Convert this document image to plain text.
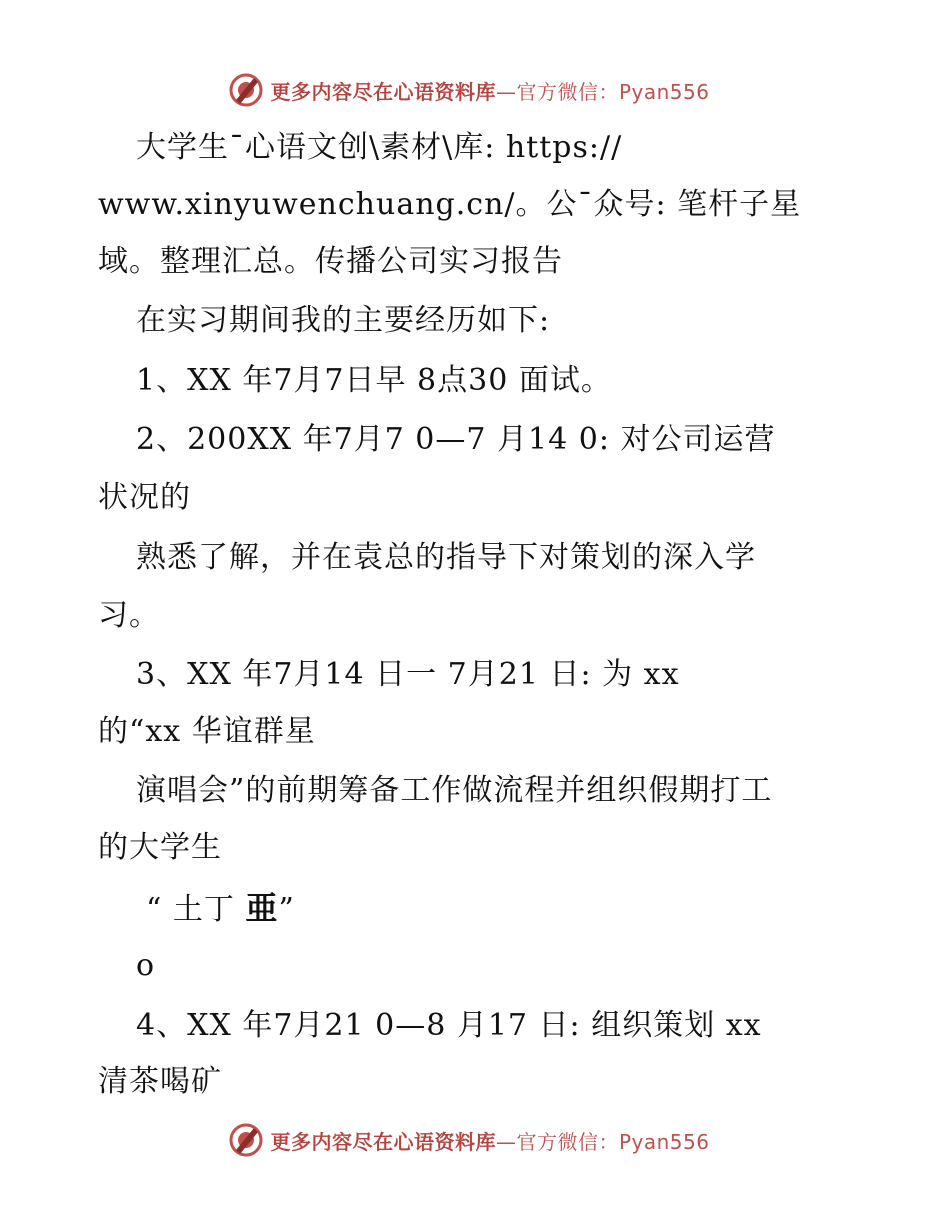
更多内容尽在心语资料库—官方微信：Pyan556
大学生¯心语文创\素材\库: https://
www.xinyuwenchuang.cn/。公¯众号: 笔杆子星
域。整理汇总。传播公司实习报告
在实习期间我的主要经历如下:
1、XX 年7月7日早 8点30 面试。
2、200XX 年7月7 0—7 月14 0: 对公司运营
状况的
熟悉了解，并在袁总的指导下对策划的深入学
习。
3、XX 年7月14 日一 7月21 日: 为 xx
的“xx 华谊群星
演唱会”的前期筹备工作做流程并组织假期打工
的大学生
“ 土丁 亜”
o
4、XX 年7月21 0—8 月17 日: 组织策划 xx
清茶喝矿
更多内容尽在心语资料库—官方微信：Pyan556
